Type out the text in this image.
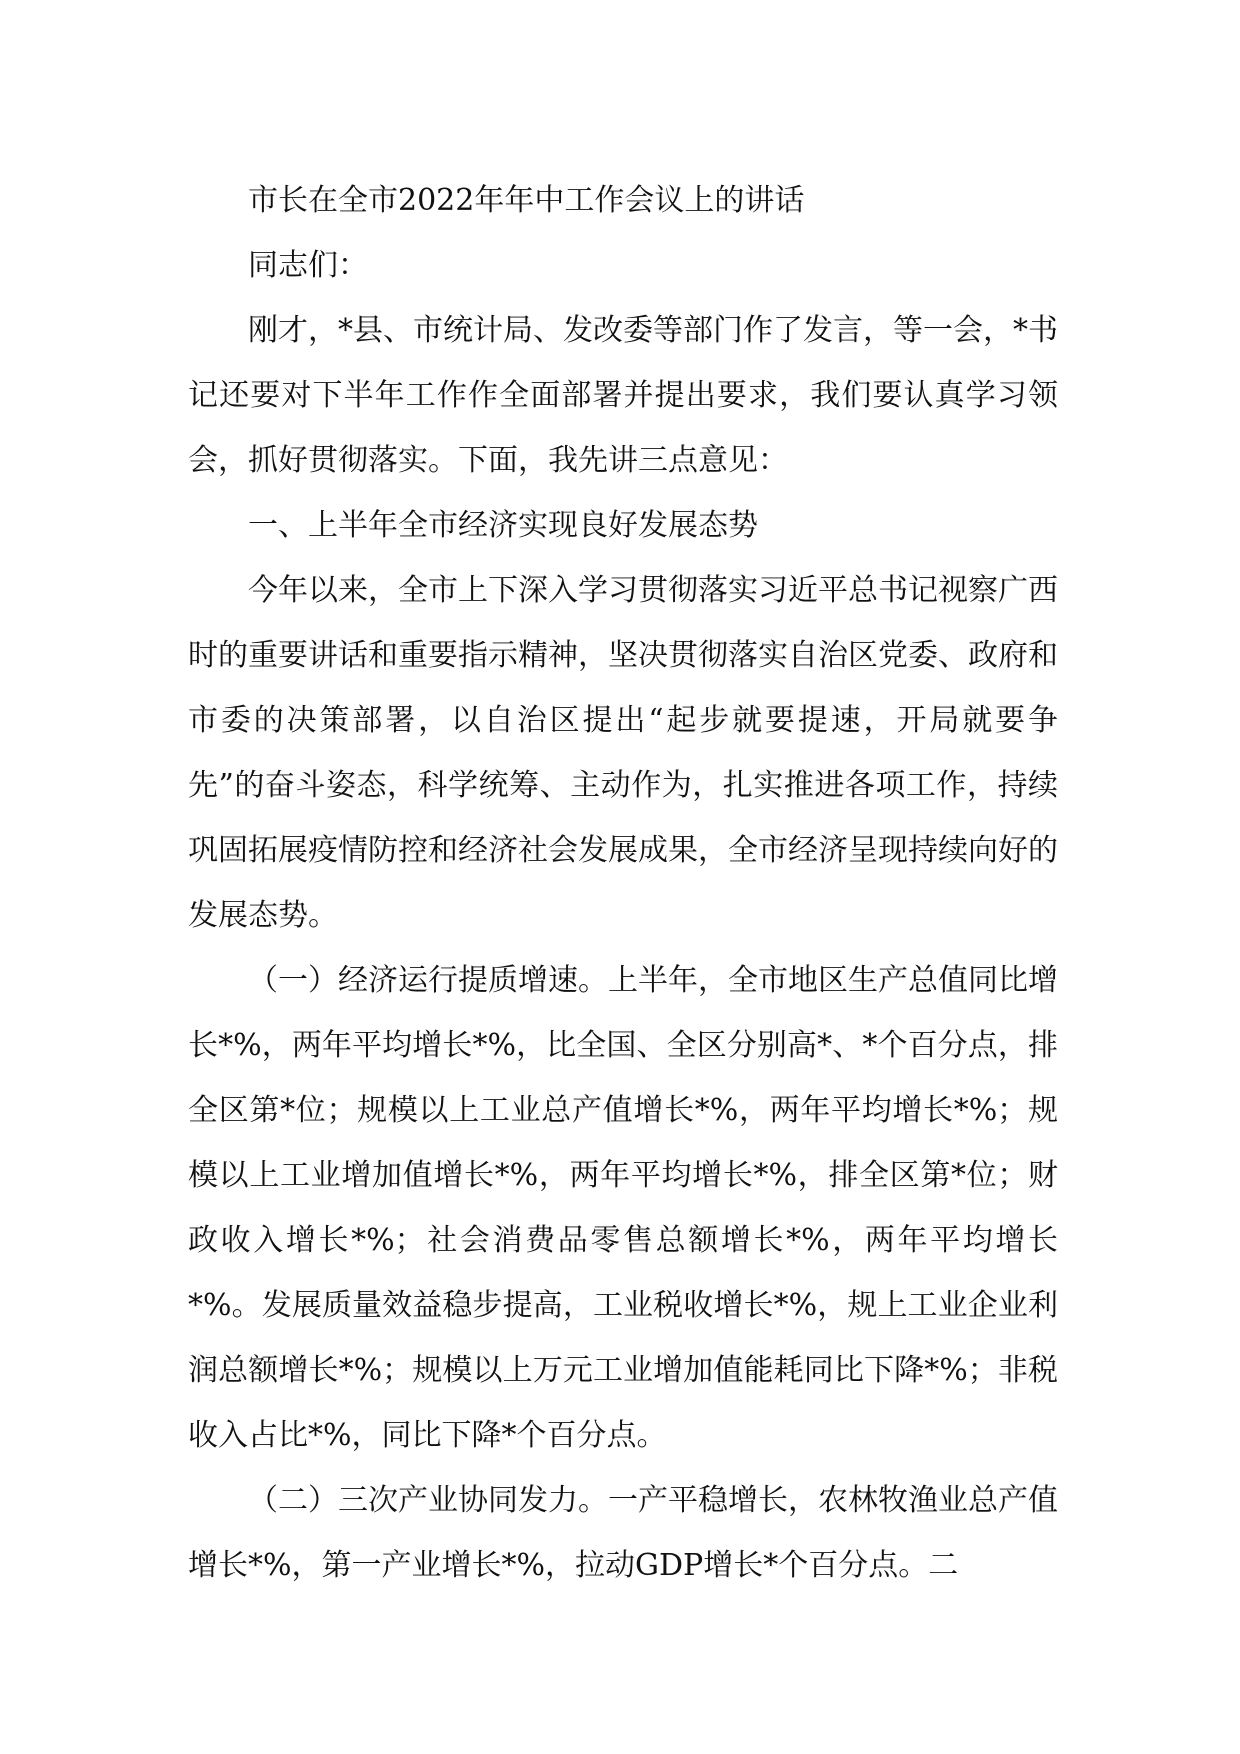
市长在全市2022年年中工作会议上的讲话

同志们：

刚才，*县、市统计局、发改委等部门作了发言，等一会，*书记还要对下半年工作作全面部署并提出要求，我们要认真学习领会，抓好贯彻落实。下面，我先讲三点意见：

一、上半年全市经济实现良好发展态势

今年以来，全市上下深入学习贯彻落实习近平总书记视察广西时的重要讲话和重要指示精神，坚决贯彻落实自治区党委、政府和市委的决策部署，以自治区提出“起步就要提速，开局就要争先”的奋斗姿态，科学统筹、主动作为，扎实推进各项工作，持续巩固拓展疫情防控和经济社会发展成果，全市经济呈现持续向好的发展态势。

（一）经济运行提质增速。上半年，全市地区生产总值同比增长*%，两年平均增长*%，比全国、全区分别高*、*个百分点，排全区第*位；规模以上工业总产值增长*%，两年平均增长*%；规模以上工业增加值增长*%，两年平均增长*%，排全区第*位；财政收入增长*%；社会消费品零售总额增长*%，两年平均增长*%。发展质量效益稳步提高，工业税收增长*%，规上工业企业利润总额增长*%；规模以上万元工业增加值能耗同比下降*%；非税收入占比*%，同比下降*个百分点。

（二）三次产业协同发力。一产平稳增长，农林牧渔业总产值增长*%，第一产业增长*%，拉动GDP增长*个百分点。二
